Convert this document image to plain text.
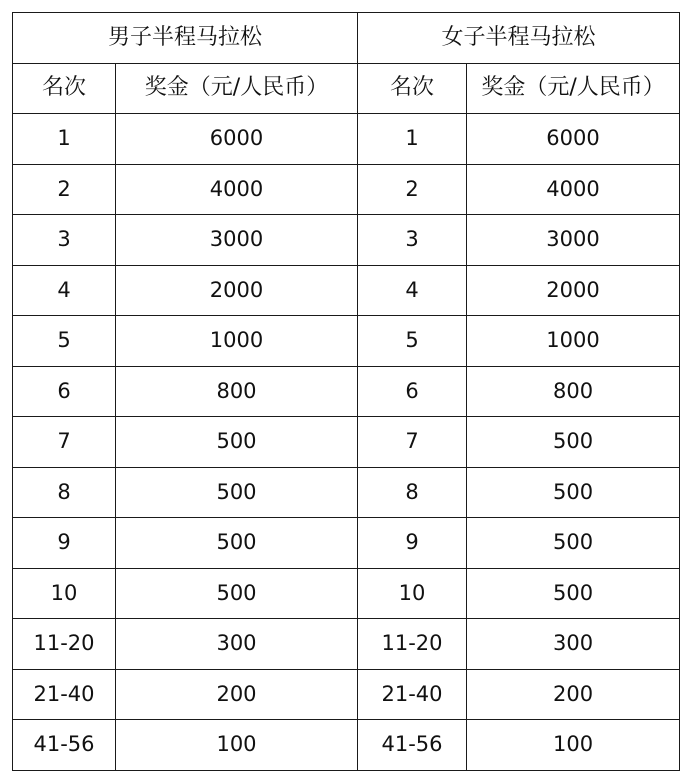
男子半程马拉松		女子半程马拉松	
名次	奖金（元/人民币）	名次	奖金（元/人民币）
1	6000	1	6000
2	4000	2	4000
3	3000	3	3000
4	2000	4	2000
5	1000	5	1000
6	800	6	800
7	500	7	500
8	500	8	500
9	500	9	500
10	500	10	500
11-20	300	11-20	300
21-40	200	21-40	200
41-56	100	41-56	100
